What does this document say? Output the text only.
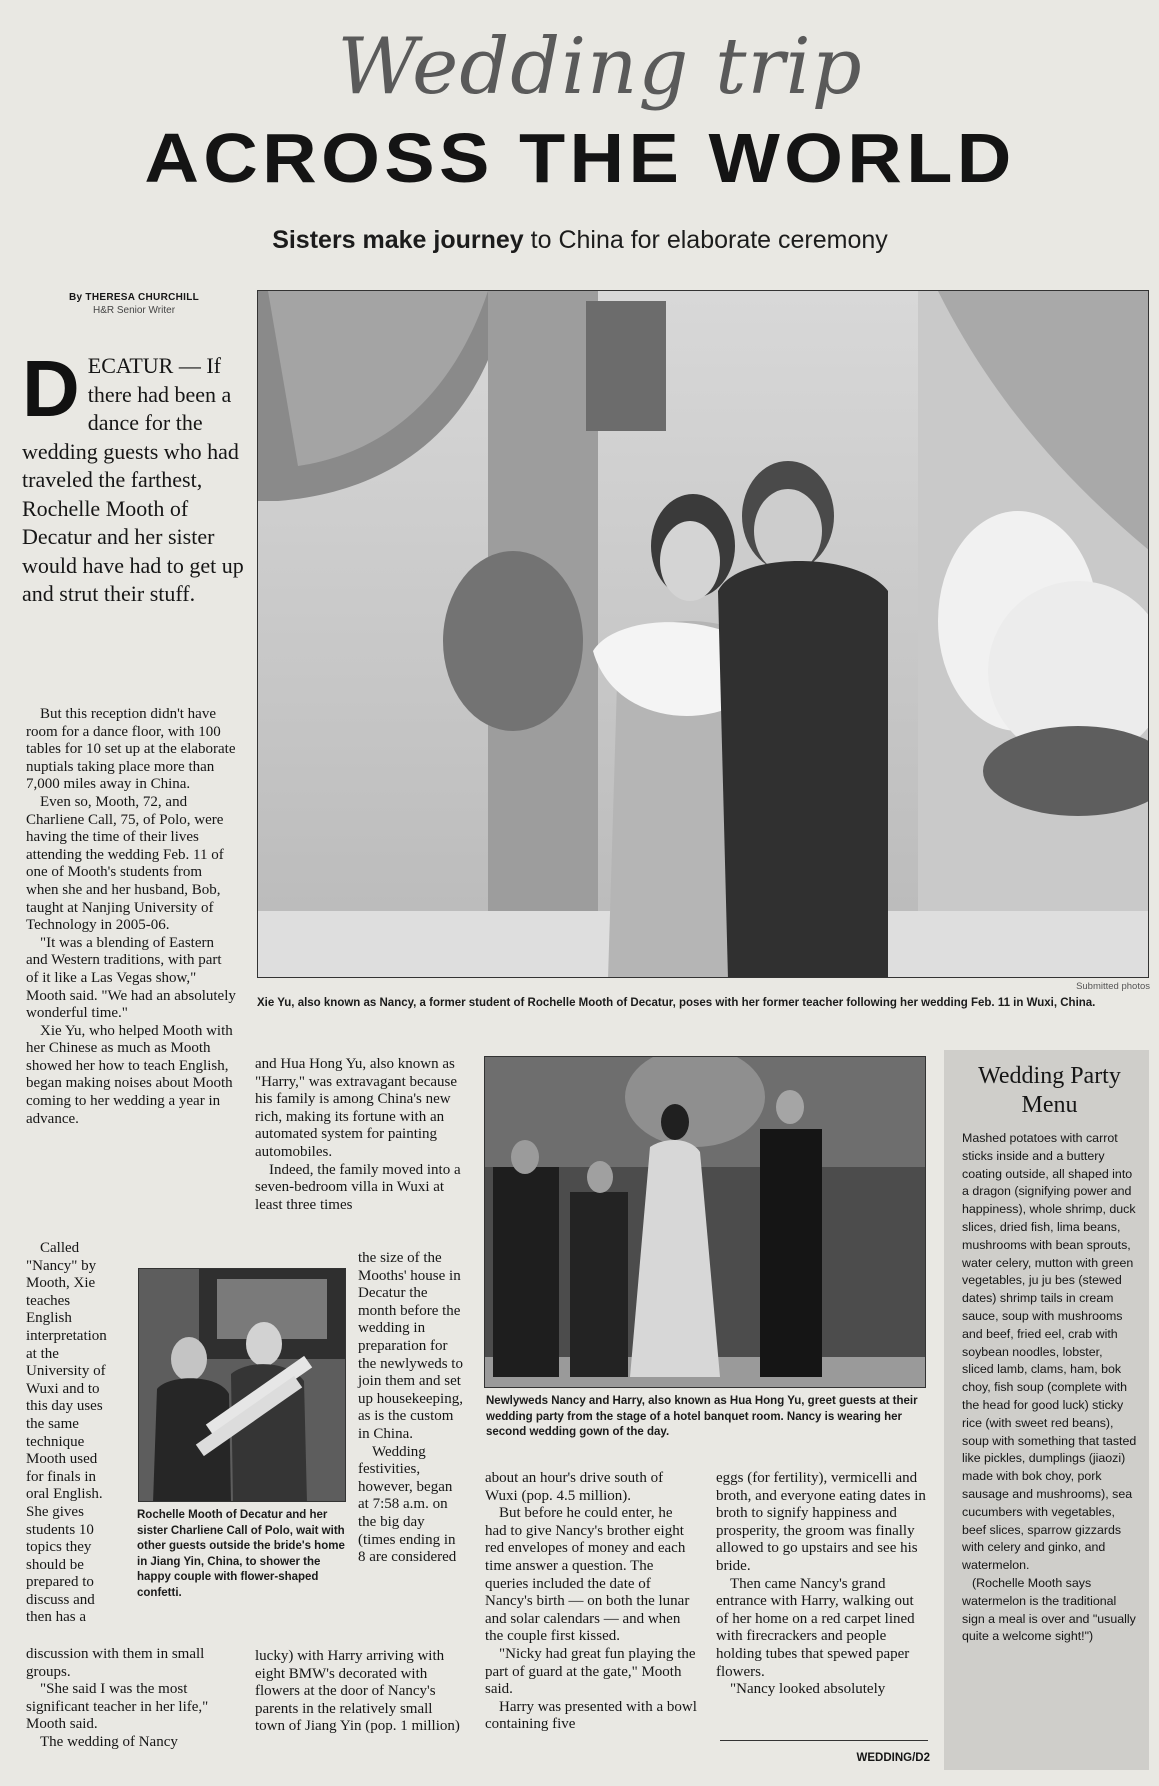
Wedding trip
ACROSS THE WORLD
Sisters make journey to China for elaborate ceremony
By THERESA CHURCHILL
H&R Senior Writer
DECATUR — If there had been a dance for the wedding guests who had traveled the farthest, Rochelle Mooth of Decatur and her sister would have had to get up and strut their stuff.

But this reception didn't have room for a dance floor, with 100 tables for 10 set up at the elaborate nuptials taking place more than 7,000 miles away in China.

Even so, Mooth, 72, and Charliene Call, 75, of Polo, were having the time of their lives attending the wedding Feb. 11 of one of Mooth's students from when she and her husband, Bob, taught at Nanjing University of Technology in 2005-06.

"It was a blending of Eastern and Western traditions, with part of it like a Las Vegas show," Mooth said. "We had an absolutely wonderful time."

Xie Yu, who helped Mooth with her Chinese as much as Mooth showed her how to teach English, began making noises about Mooth coming to her wedding a year in advance.

Called "Nancy" by Mooth, Xie teaches English interpretation at the University of Wuxi and to this day uses the same technique Mooth used for finals in oral English. She gives students 10 topics they should be prepared to discuss and then has a

discussion with them in small groups.

"She said I was the most significant teacher in her life," Mooth said.

The wedding of Nancy

and Hua Hong Yu, also known as "Harry," was extravagant because his family is among China's new rich, making its fortune with an automated system for painting automobiles.

Indeed, the family moved into a seven-bedroom villa in Wuxi at least three times

the size of the Mooths' house in Decatur the month before the wedding in preparation for the newlyweds to join them and set up housekeeping, as is the custom in China.

Wedding festivities, however, began at 7:58 a.m. on the big day (times ending in 8 are considered

lucky) with Harry arriving with eight BMW's decorated with flowers at the door of Nancy's parents in the relatively small town of Jiang Yin (pop. 1 million)

about an hour's drive south of Wuxi (pop. 4.5 million).

But before he could enter, he had to give Nancy's brother eight red envelopes of money and each time answer a question. The queries included the date of Nancy's birth — on both the lunar and solar calendars — and when the couple first kissed.

"Nicky had great fun playing the part of guard at the gate," Mooth said.

Harry was presented with a bowl containing five

eggs (for fertility), vermicelli and broth, and everyone eating dates in broth to signify happiness and prosperity, the groom was finally allowed to go upstairs and see his bride.

Then came Nancy's grand entrance with Harry, walking out of her home on a red carpet lined with firecrackers and people holding tubes that spewed paper flowers.

"Nancy looked absolutely

WEDDING/D2
Submitted photos
Xie Yu, also known as Nancy, a former student of Rochelle Mooth of Decatur, poses with her former teacher following her wedding Feb. 11 in Wuxi, China.
Newlyweds Nancy and Harry, also known as Hua Hong Yu, greet guests at their wedding party from the stage of a hotel banquet room. Nancy is wearing her second wedding gown of the day.
Rochelle Mooth of Decatur and her sister Charliene Call of Polo, wait with other guests outside the bride's home in Jiang Yin, China, to shower the happy couple with flower-shaped confetti.
Wedding Party Menu

Mashed potatoes with carrot sticks inside and a buttery coating outside, all shaped into a dragon (signifying power and happiness), whole shrimp, duck slices, dried fish, lima beans, mushrooms with bean sprouts, water celery, mutton with green vegetables, ju ju bes (stewed dates) shrimp tails in cream sauce, soup with mushrooms and beef, fried eel, crab with soybean noodles, lobster, sliced lamb, clams, ham, bok choy, fish soup (complete with the head for good luck) sticky rice (with sweet red beans), soup with something that tasted like pickles, dumplings (jiaozi) made with bok choy, pork sausage and mushrooms), sea cucumbers with vegetables, beef slices, sparrow gizzards with celery and ginko, and watermelon.

(Rochelle Mooth says watermelon is the traditional sign a meal is over and "usually quite a welcome sight!")
